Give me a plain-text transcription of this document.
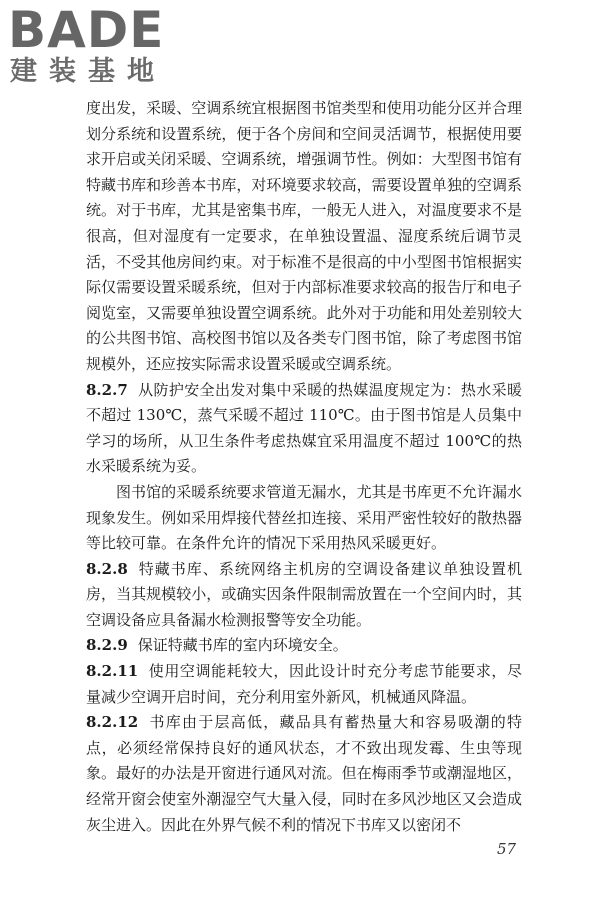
BADE
建装基地

度出发，采暖、空调系统宜根据图书馆类型和使用功能分区并合理划分系统和设置系统，便于各个房间和空间灵活调节，根据使用要求开启或关闭采暖、空调系统，增强调节性。例如：大型图书馆有特藏书库和珍善本书库，对环境要求较高，需要设置单独的空调系统。对于书库，尤其是密集书库，一般无人进入，对温度要求不是很高，但对湿度有一定要求，在单独设置温、湿度系统后调节灵活，不受其他房间约束。对于标准不是很高的中小型图书馆根据实际仅需要设置采暖系统，但对于内部标准要求较高的报告厅和电子阅览室，又需要单独设置空调系统。此外对于功能和用处差别较大的公共图书馆、高校图书馆以及各类专门图书馆，除了考虑图书馆规模外，还应按实际需求设置采暖或空调系统。

8.2.7 从防护安全出发对集中采暖的热媒温度规定为：热水采暖不超过 130℃，蒸气采暖不超过 110℃。由于图书馆是人员集中学习的场所，从卫生条件考虑热媒宜采用温度不超过 100℃的热水采暖系统为妥。

图书馆的采暖系统要求管道无漏水，尤其是书库更不允许漏水现象发生。例如采用焊接代替丝扣连接、采用严密性较好的散热器等比较可靠。在条件允许的情况下采用热风采暖更好。

8.2.8 特藏书库、系统网络主机房的空调设备建议单独设置机房，当其规模较小，或确实因条件限制需放置在一个空间内时，其空调设备应具备漏水检测报警等安全功能。

8.2.9 保证特藏书库的室内环境安全。

8.2.11 使用空调能耗较大，因此设计时充分考虑节能要求，尽量减少空调开启时间，充分利用室外新风，机械通风降温。

8.2.12 书库由于层高低，藏品具有蓄热量大和容易吸潮的特点，必须经常保持良好的通风状态，才不致出现发霉、生虫等现象。最好的办法是开窗进行通风对流。但在梅雨季节或潮湿地区，经常开窗会使室外潮湿空气大量入侵，同时在多风沙地区又会造成灰尘进入。因此在外界气候不利的情况下书库又以密闭不

57
